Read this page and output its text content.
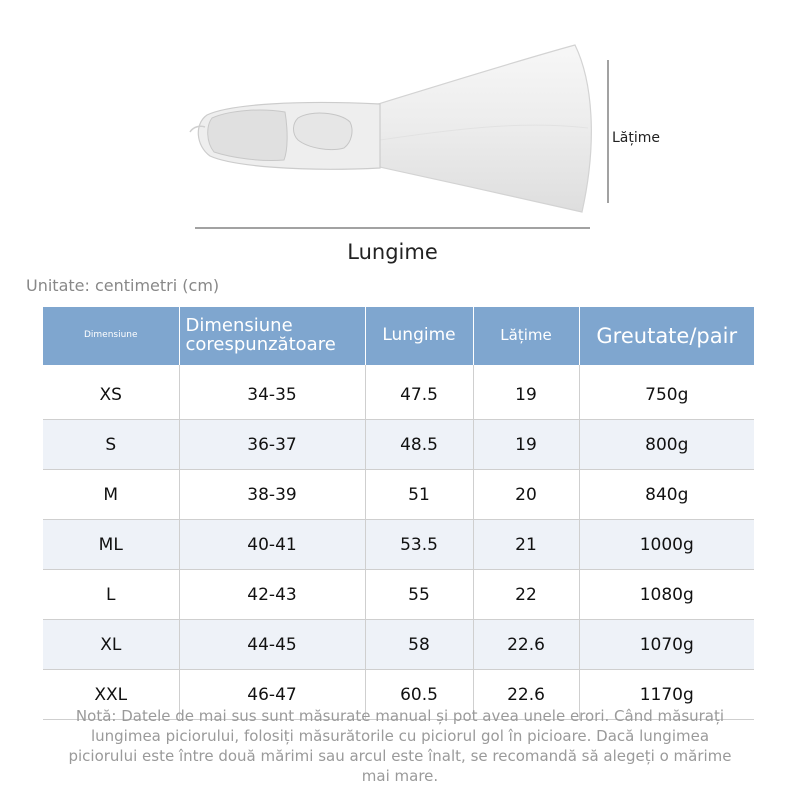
Lățime
Lungime
Unitate: centimetri (cm)
Dimensiune	Dimensiune corespunzătoare	Lungime	Lățime	Greutate/pair
XS	34-35	47.5	19	750g
S	36-37	48.5	19	800g
M	38-39	51	20	840g
ML	40-41	53.5	21	1000g
L	42-43	55	22	1080g
XL	44-45	58	22.6	1070g
XXL	46-47	60.5	22.6	1170g
Notă: Datele de mai sus sunt măsurate manual și pot avea unele erori. Când măsurați lungimea piciorului, folosiți măsurătorile cu piciorul gol în picioare. Dacă lungimea piciorului este între două mărimi sau arcul este înalt, se recomandă să alegeți o mărime mai mare.
